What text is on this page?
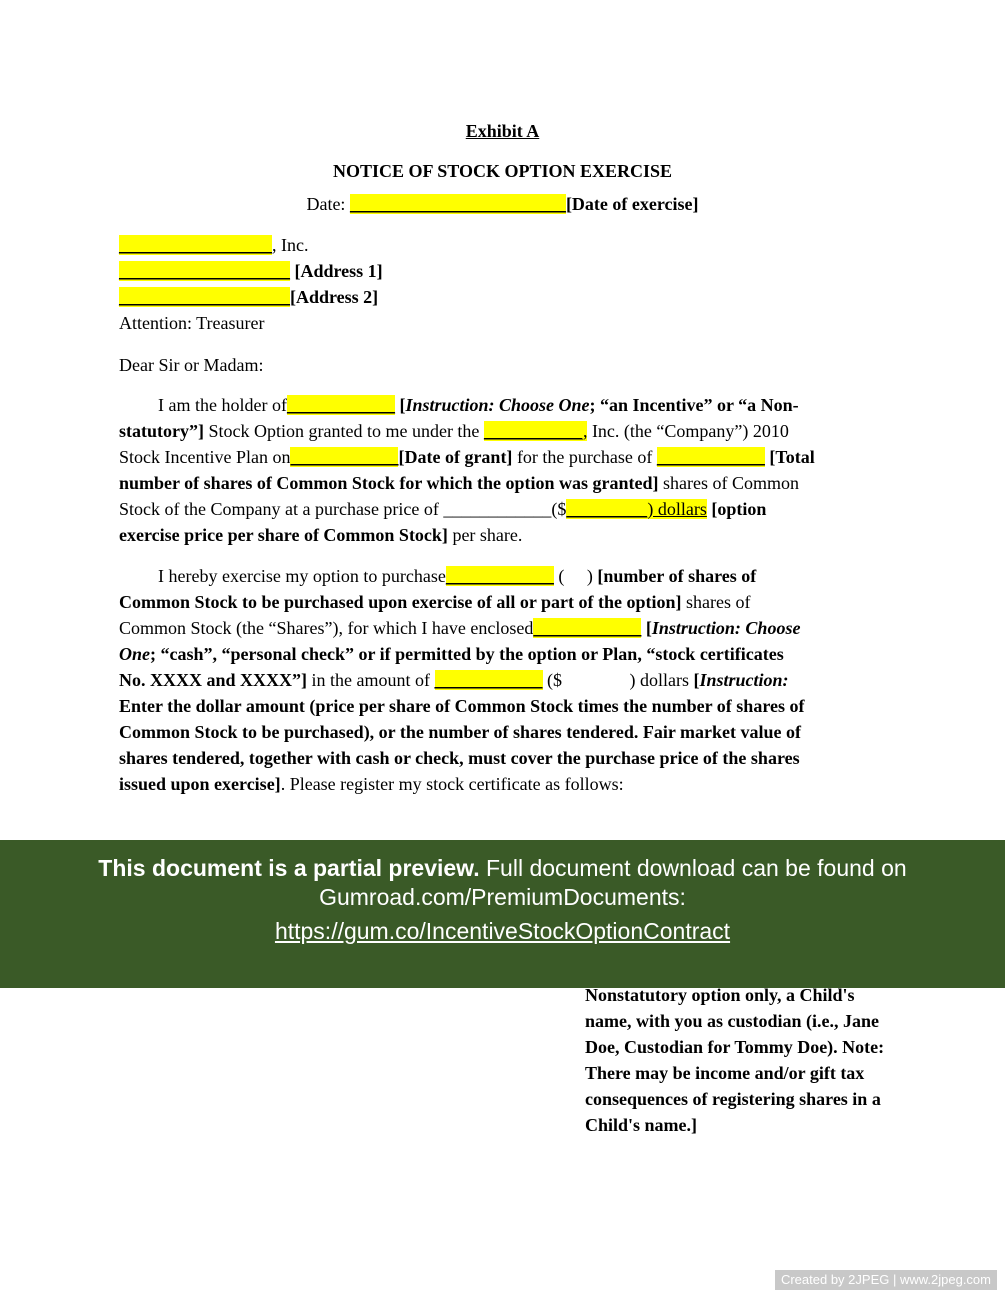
Exhibit A
NOTICE OF STOCK OPTION EXERCISE
Date: ________________________[Date of exercise]
_________________, Inc.
___________________ [Address 1]
___________________[Address 2]
Attention: Treasurer
Dear Sir or Madam:
I am the holder of____________ [Instruction: Choose One; “an Incentive” or “a Non-
statutory”] Stock Option granted to me under the ___________, Inc. (the “Company”) 2010
Stock Incentive Plan on____________[Date of grant] for the purchase of ____________ [Total
number of shares of Common Stock for which the option was granted] shares of Common
Stock of the Company at a purchase price of ____________($_________) dollars [option
exercise price per share of Common Stock] per share.
I hereby exercise my option to purchase____________ (     ) [number of shares of
Common Stock to be purchased upon exercise of all or part of the option] shares of
Common Stock (the “Shares”), for which I have enclosed____________ [Instruction: Choose
One; “cash”, “personal check” or if permitted by the option or Plan, “stock certificates
No. XXXX and XXXX”] in the amount of ____________ ($               ) dollars [Instruction:
Enter the dollar amount (price per share of Common Stock times the number of shares of
Common Stock to be purchased), or the number of shares tendered. Fair market value of
shares tendered, together with cash or check, must cover the purchase price of the shares
issued upon exercise]. Please register my stock certificate as follows:
This document is a partial preview. Full document download can be found on
Gumroad.com/PremiumDocuments:
https://gum.co/IncentiveStockOptionContract
Nonstatutory option only, a Child's
name, with you as custodian (i.e., Jane
Doe, Custodian for Tommy Doe). Note:
There may be income and/or gift tax
consequences of registering shares in a
Child's name.]
Created by 2JPEG | www.2jpeg.com
